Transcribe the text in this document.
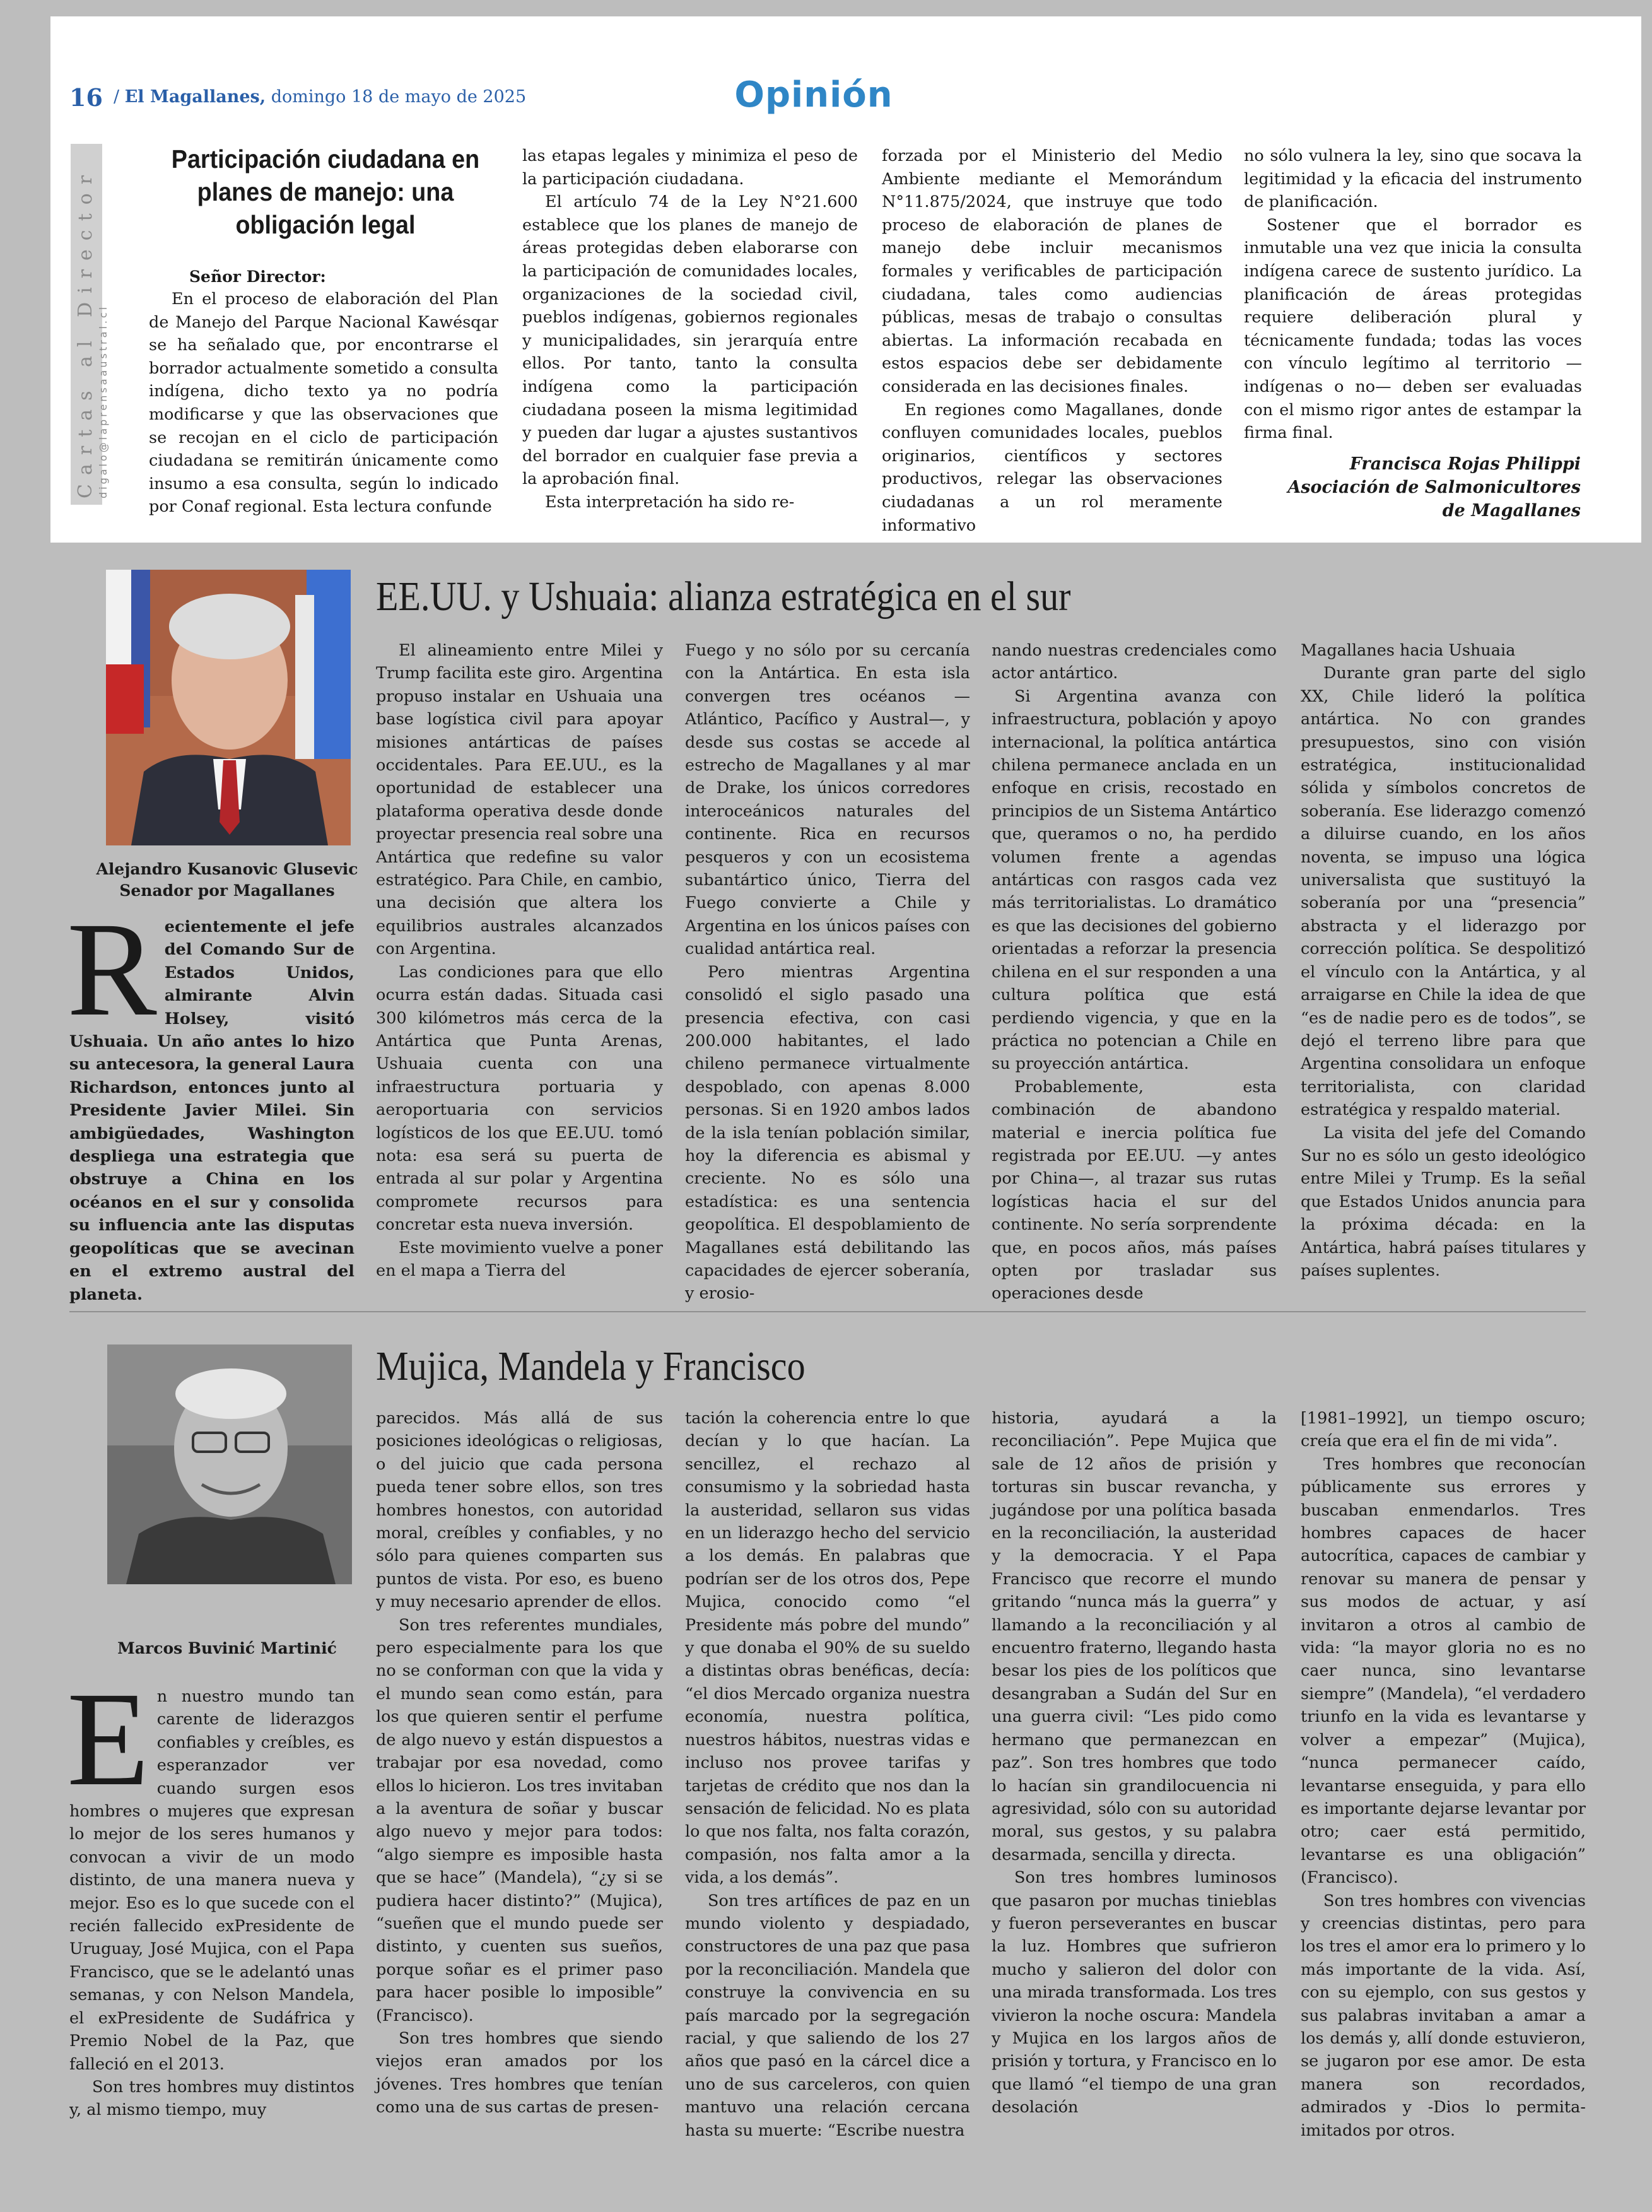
16 / El Magallanes, domingo 18 de mayo de 2025	Opinión
Cartas al Director digalo@laprensaaustral.cl
Participación ciudadana en planes de manejo: una obligación legal
Señor Director:

En el proceso de elaboración del Plan de Manejo del Parque Nacional Kawésqar se ha señalado que, por encontrarse el borrador actualmente sometido a consulta indígena, dicho texto ya no podría modificarse y que las observaciones que se recojan en el ciclo de participación ciudadana se remitirán únicamente como insumo a esa consulta, según lo indicado por Conaf regional. Esta lectura confunde

las etapas legales y minimiza el peso de la participación ciudadana.

El artículo 74 de la Ley N°21.600 establece que los planes de manejo de áreas protegidas deben elaborarse con la participación de comunidades locales, organizaciones de la sociedad civil, pueblos indígenas, gobiernos regionales y municipalidades, sin jerarquía entre ellos. Por tanto, tanto la consulta indígena como la participación ciudadana poseen la misma legitimidad y pueden dar lugar a ajustes sustantivos del borrador en cualquier fase previa a la aprobación final.

Esta interpretación ha sido re-

forzada por el Ministerio del Medio Ambiente mediante el Memorándum N°11.875/2024, que instruye que todo proceso de elaboración de planes de manejo debe incluir mecanismos formales y verificables de participación ciudadana, tales como audiencias públicas, mesas de trabajo o consultas abiertas. La información recabada en estos espacios debe ser debidamente considerada en las decisiones finales.

En regiones como Magallanes, donde confluyen comunidades locales, pueblos originarios, científicos y sectores productivos, relegar las observaciones ciudadanas a un rol meramente informativo

no sólo vulnera la ley, sino que socava la legitimidad y la eficacia del instrumento de planificación.

Sostener que el borrador es inmutable una vez que inicia la consulta indígena carece de sustento jurídico. La planificación de áreas protegidas requiere deliberación plural y técnicamente fundada; todas las voces con vínculo legítimo al territorio —indígenas o no— deben ser evaluadas con el mismo rigor antes de estampar la firma final.

Francisca Rojas Philippi
Asociación de Salmonicultores
de Magallanes
Alejandro Kusanovic Glusevic
Senador por Magallanes
EE.UU. y Ushuaia: alianza estratégica en el sur
R ecientemente el jefe del Comando Sur de Estados Unidos, almirante Alvin Holsey, visitó Ushuaia. Un año antes lo hizo su antecesora, la general Laura Richardson, entonces junto al Presidente Javier Milei. Sin ambigüedades, Washington despliega una estrategia que obstruye a China en los océanos en el sur y consolida su influencia ante las disputas geopolíticas que se avecinan en el extremo austral del planeta.

El alineamiento entre Milei y Trump facilita este giro. Argentina propuso instalar en Ushuaia una base logística civil para apoyar misiones antárticas de países occidentales. Para EE.UU., es la oportunidad de establecer una plataforma operativa desde donde proyectar presencia real sobre una Antártica que redefine su valor estratégico. Para Chile, en cambio, una decisión que altera los equilibrios australes alcanzados con Argentina.

Las condiciones para que ello ocurra están dadas. Situada casi 300 kilómetros más cerca de la Antártica que Punta Arenas, Ushuaia cuenta con una infraestructura portuaria y aeroportuaria con servicios logísticos de los que EE.UU. tomó nota: esa será su puerta de entrada al sur polar y Argentina compromete recursos para concretar esta nueva inversión.

Este movimiento vuelve a poner en el mapa a Tierra del

Fuego y no sólo por su cercanía con la Antártica. En esta isla convergen tres océanos —Atlántico, Pacífico y Austral—, y desde sus costas se accede al estrecho de Magallanes y al mar de Drake, los únicos corredores interoceánicos naturales del continente. Rica en recursos pesqueros y con un ecosistema subantártico único, Tierra del Fuego convierte a Chile y Argentina en los únicos países con cualidad antártica real.

Pero mientras Argentina consolidó el siglo pasado una presencia efectiva, con casi 200.000 habitantes, el lado chileno permanece virtualmente despoblado, con apenas 8.000 personas. Si en 1920 ambos lados de la isla tenían población similar, hoy la diferencia es abismal y creciente. No es sólo una estadística: es una sentencia geopolítica. El despoblamiento de Magallanes está debilitando las capacidades de ejercer soberanía, y erosio-

nando nuestras credenciales como actor antártico.

Si Argentina avanza con infraestructura, población y apoyo internacional, la política antártica chilena permanece anclada en un enfoque en crisis, recostado en principios de un Sistema Antártico que, queramos o no, ha perdido volumen frente a agendas antárticas con rasgos cada vez más territorialistas. Lo dramático es que las decisiones del gobierno orientadas a reforzar la presencia chilena en el sur responden a una cultura política que está perdiendo vigencia, y que en la práctica no potencian a Chile en su proyección antártica.

Probablemente, esta combinación de abandono material e inercia política fue registrada por EE.UU. —y antes por China—, al trazar sus rutas logísticas hacia el sur del continente. No sería sorprendente que, en pocos años, más países opten por trasladar sus operaciones desde

Magallanes hacia Ushuaia

Durante gran parte del siglo XX, Chile lideró la política antártica. No con grandes presupuestos, sino con visión estratégica, institucionalidad sólida y símbolos concretos de soberanía. Ese liderazgo comenzó a diluirse cuando, en los años noventa, se impuso una lógica universalista que sustituyó la soberanía por una “presencia” abstracta y el liderazgo por corrección política. Se despolitizó el vínculo con la Antártica, y al arraigarse en Chile la idea de que “es de nadie pero es de todos”, se dejó el terreno libre para que Argentina consolidara un enfoque territorialista, con claridad estratégica y respaldo material.

La visita del jefe del Comando Sur no es sólo un gesto ideológico entre Milei y Trump. Es la señal que Estados Unidos anuncia para la próxima década: en la Antártica, habrá países titulares y países suplentes.

Marcos Buvinić Martinić
Mujica, Mandela y Francisco
E n nuestro mundo tan carente de liderazgos confiables y creíbles, es esperanzador ver cuando surgen esos hombres o mujeres que expresan lo mejor de los seres humanos y convocan a vivir de un modo distinto, de una manera nueva y mejor. Eso es lo que sucede con el recién fallecido exPresidente de Uruguay, José Mujica, con el Papa Francisco, que se le adelantó unas semanas, y con Nelson Mandela, el exPresidente de Sudáfrica y Premio Nobel de la Paz, que falleció en el 2013.

Son tres hombres muy distintos y, al mismo tiempo, muy

parecidos. Más allá de sus posiciones ideológicas o religiosas, o del juicio que cada persona pueda tener sobre ellos, son tres hombres honestos, con autoridad moral, creíbles y confiables, y no sólo para quienes comparten sus puntos de vista. Por eso, es bueno y muy necesario aprender de ellos.

Son tres referentes mundiales, pero especialmente para los que no se conforman con que la vida y el mundo sean como están, para los que quieren sentir el perfume de algo nuevo y están dispuestos a trabajar por esa novedad, como ellos lo hicieron. Los tres invitaban a la aventura de soñar y buscar algo nuevo y mejor para todos: “algo siempre es imposible hasta que se hace” (Mandela), “¿y si se pudiera hacer distinto?” (Mujica), “sueñen que el mundo puede ser distinto, y cuenten sus sueños, porque soñar es el primer paso para hacer posible lo imposible” (Francisco).

Son tres hombres que siendo viejos eran amados por los jóvenes. Tres hombres que tenían como una de sus cartas de presen-

tación la coherencia entre lo que decían y lo que hacían. La sencillez, el rechazo al consumismo y la sobriedad hasta la austeridad, sellaron sus vidas en un liderazgo hecho del servicio a los demás. En palabras que podrían ser de los otros dos, Pepe Mujica, conocido como “el Presidente más pobre del mundo” y que donaba el 90% de su sueldo a distintas obras benéficas, decía: “el dios Mercado organiza nuestra economía, nuestra política, nuestros hábitos, nuestras vidas e incluso nos provee tarifas y tarjetas de crédito que nos dan la sensación de felicidad. No es plata lo que nos falta, nos falta corazón, compasión, nos falta amor a la vida, a los demás”.

Son tres artífices de paz en un mundo violento y despiadado, constructores de una paz que pasa por la reconciliación. Mandela que construye la convivencia en su país marcado por la segregación racial, y que saliendo de los 27 años que pasó en la cárcel dice a uno de sus carceleros, con quien mantuvo una relación cercana hasta su muerte: “Escribe nuestra

historia, ayudará a la reconciliación”. Pepe Mujica que sale de 12 años de prisión y torturas sin buscar revancha, y jugándose por una política basada en la reconciliación, la austeridad y la democracia. Y el Papa Francisco que recorre el mundo gritando “nunca más la guerra” y llamando a la reconciliación y al encuentro fraterno, llegando hasta besar los pies de los políticos que desangraban a Sudán del Sur en una guerra civil: “Les pido como hermano que permanezcan en paz”. Son tres hombres que todo lo hacían sin grandilocuencia ni agresividad, sólo con su autoridad moral, sus gestos, y su palabra desarmada, sencilla y directa.

Son tres hombres luminosos que pasaron por muchas tinieblas y fueron perseverantes en buscar la luz. Hombres que sufrieron mucho y salieron del dolor con una mirada transformada. Los tres vivieron la noche oscura: Mandela y Mujica en los largos años de prisión y tortura, y Francisco en lo que llamó “el tiempo de una gran desolación

[1981–1992], un tiempo oscuro; creía que era el fin de mi vida”.

Tres hombres que reconocían públicamente sus errores y buscaban enmendarlos. Tres hombres capaces de hacer autocrítica, capaces de cambiar y renovar su manera de pensar y sus modos de actuar, y así invitaron a otros al cambio de vida: “la mayor gloria no es no caer nunca, sino levantarse siempre” (Mandela), “el verdadero triunfo en la vida es levantarse y volver a empezar” (Mujica), “nunca permanecer caído, levantarse enseguida, y para ello es importante dejarse levantar por otro; caer está permitido, levantarse es una obligación” (Francisco).

Son tres hombres con vivencias y creencias distintas, pero para los tres el amor era lo primero y lo más importante de la vida. Así, con su ejemplo, con sus gestos y sus palabras invitaban a amar a los demás y, allí donde estuvieron, se jugaron por ese amor. De esta manera son recordados, admirados y -Dios lo permita- imitados por otros.
